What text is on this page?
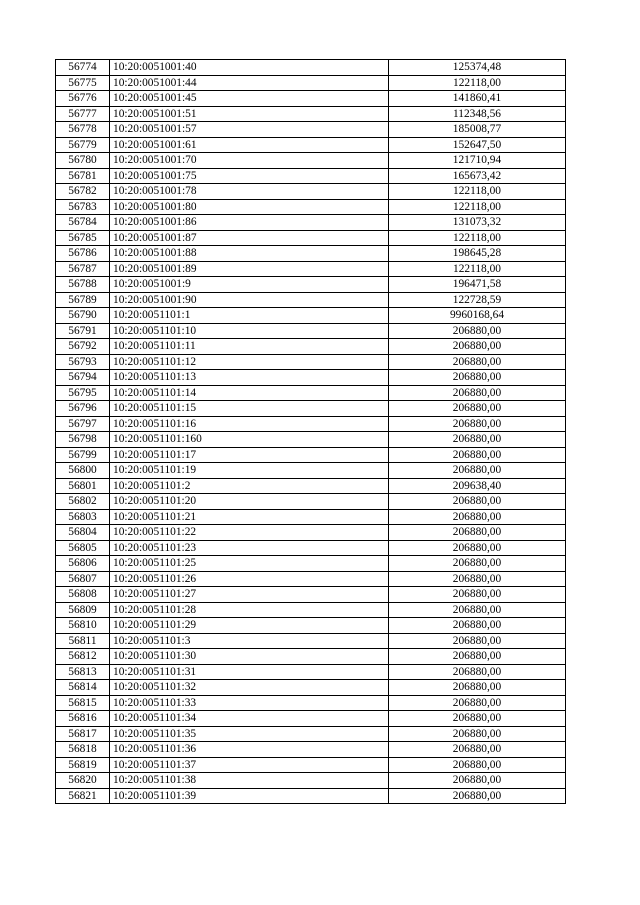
56774	10:20:0051001:40	125374,48
56775	10:20:0051001:44	122118,00
56776	10:20:0051001:45	141860,41
56777	10:20:0051001:51	112348,56
56778	10:20:0051001:57	185008,77
56779	10:20:0051001:61	152647,50
56780	10:20:0051001:70	121710,94
56781	10:20:0051001:75	165673,42
56782	10:20:0051001:78	122118,00
56783	10:20:0051001:80	122118,00
56784	10:20:0051001:86	131073,32
56785	10:20:0051001:87	122118,00
56786	10:20:0051001:88	198645,28
56787	10:20:0051001:89	122118,00
56788	10:20:0051001:9	196471,58
56789	10:20:0051001:90	122728,59
56790	10:20:0051101:1	9960168,64
56791	10:20:0051101:10	206880,00
56792	10:20:0051101:11	206880,00
56793	10:20:0051101:12	206880,00
56794	10:20:0051101:13	206880,00
56795	10:20:0051101:14	206880,00
56796	10:20:0051101:15	206880,00
56797	10:20:0051101:16	206880,00
56798	10:20:0051101:160	206880,00
56799	10:20:0051101:17	206880,00
56800	10:20:0051101:19	206880,00
56801	10:20:0051101:2	209638,40
56802	10:20:0051101:20	206880,00
56803	10:20:0051101:21	206880,00
56804	10:20:0051101:22	206880,00
56805	10:20:0051101:23	206880,00
56806	10:20:0051101:25	206880,00
56807	10:20:0051101:26	206880,00
56808	10:20:0051101:27	206880,00
56809	10:20:0051101:28	206880,00
56810	10:20:0051101:29	206880,00
56811	10:20:0051101:3	206880,00
56812	10:20:0051101:30	206880,00
56813	10:20:0051101:31	206880,00
56814	10:20:0051101:32	206880,00
56815	10:20:0051101:33	206880,00
56816	10:20:0051101:34	206880,00
56817	10:20:0051101:35	206880,00
56818	10:20:0051101:36	206880,00
56819	10:20:0051101:37	206880,00
56820	10:20:0051101:38	206880,00
56821	10:20:0051101:39	206880,00
